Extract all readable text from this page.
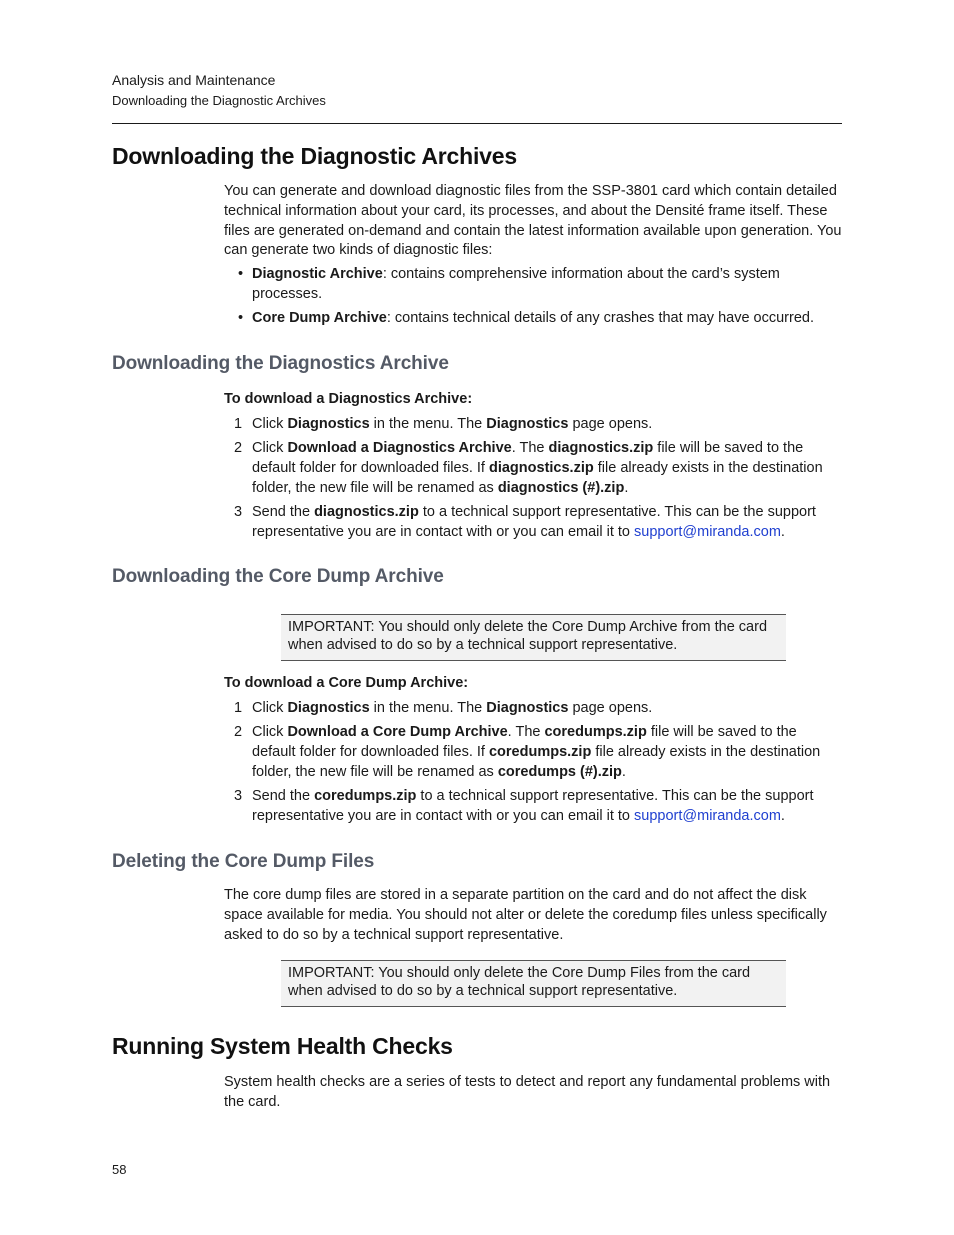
Analysis and Maintenance
Downloading the Diagnostic Archives
Downloading the Diagnostic Archives

You can generate and download diagnostic files from the SSP-3801 card which contain detailed technical information about your card, its processes, and about the Densité frame itself. These files are generated on-demand and contain the latest information available upon generation. You can generate two kinds of diagnostic files:

• Diagnostic Archive: contains comprehensive information about the card’s system processes.
• Core Dump Archive: contains technical details of any crashes that may have occurred.
Downloading the Diagnostics Archive
To download a Diagnostics Archive:
1 Click Diagnostics in the menu. The Diagnostics page opens.
2 Click Download a Diagnostics Archive. The diagnostics.zip file will be saved to the default folder for downloaded files. If diagnostics.zip file already exists in the destination folder, the new file will be renamed as diagnostics (#).zip.
3 Send the diagnostics.zip to a technical support representative. This can be the support representative you are in contact with or you can email it to support@miranda.com.
Downloading the Core Dump Archive
IMPORTANT: You should only delete the Core Dump Archive from the card when advised to do so by a technical support representative.
To download a Core Dump Archive:
1 Click Diagnostics in the menu. The Diagnostics page opens.
2 Click Download a Core Dump Archive. The coredumps.zip file will be saved to the default folder for downloaded files. If coredumps.zip file already exists in the destination folder, the new file will be renamed as coredumps (#).zip.
3 Send the coredumps.zip to a technical support representative. This can be the support representative you are in contact with or you can email it to support@miranda.com.
Deleting the Core Dump Files

The core dump files are stored in a separate partition on the card and do not affect the disk space available for media. You should not alter or delete the coredump files unless specifically asked to do so by a technical support representative.

IMPORTANT: You should only delete the Core Dump Files from the card when advised to do so by a technical support representative.
Running System Health Checks

System health checks are a series of tests to detect and report any fundamental problems with the card.

58
